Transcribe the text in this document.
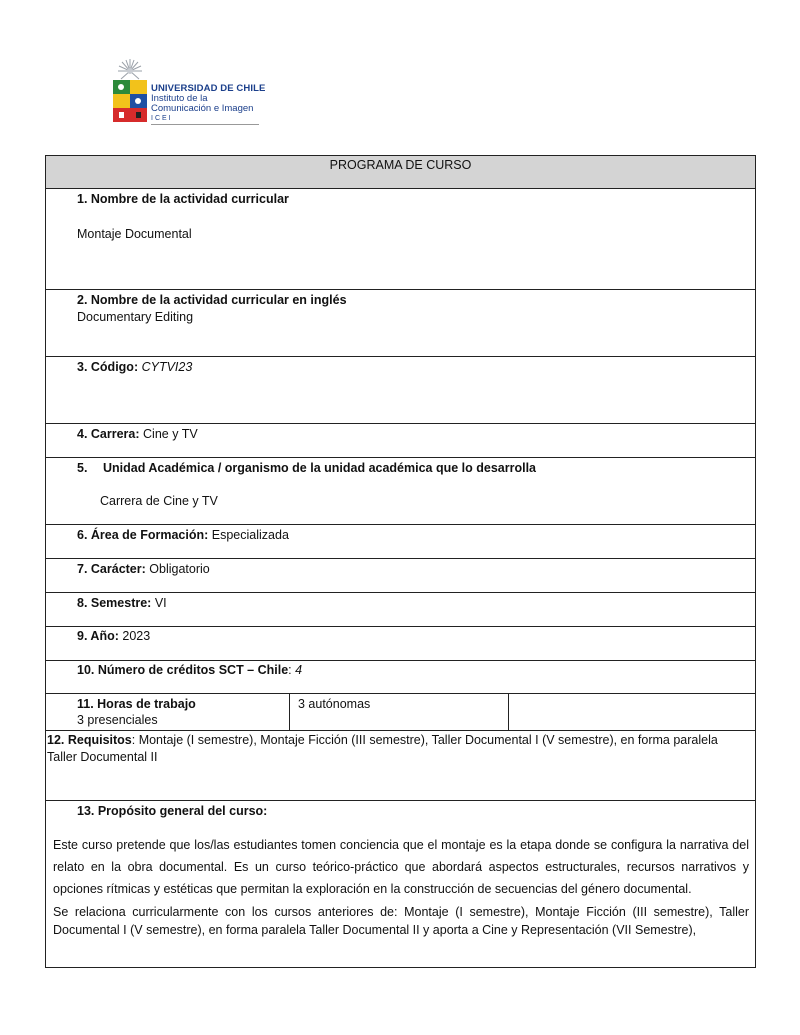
UNIVERSIDAD DE CHILE
Instituto de la
Comunicación e Imagen
ICEI
PROGRAMA DE CURSO
1. Nombre de la actividad curricular
Montaje Documental
2. Nombre de la actividad curricular en inglés
Documentary Editing
3. Código: CYTVI23
4. Carrera: Cine y TV
5. Unidad Académica / organismo de la unidad académica que lo desarrolla
Carrera de Cine y TV
6. Área de Formación: Especializada
7. Carácter: Obligatorio
8. Semestre: VI
9. Año: 2023
10. Número de créditos SCT – Chile: 4
11. Horas de trabajo
3 presenciales
3 autónomas
12. Requisitos: Montaje (I semestre), Montaje Ficción (III semestre), Taller Documental I (V semestre), en forma paralela
Taller Documental II
13. Propósito general del curso:
Este curso pretende que los/las estudiantes tomen conciencia que el montaje es la etapa donde se configura la narrativa del relato en la obra documental. Es un curso teórico-práctico que abordará aspectos estructurales, recursos narrativos y opciones rítmicas y estéticas que permitan la exploración en la construcción de secuencias del género documental.
Se relaciona curricularmente con los cursos anteriores de: Montaje (I semestre), Montaje Ficción (III semestre), Taller Documental I (V semestre), en forma paralela Taller Documental II y aporta a Cine y Representación (VII Semestre),
